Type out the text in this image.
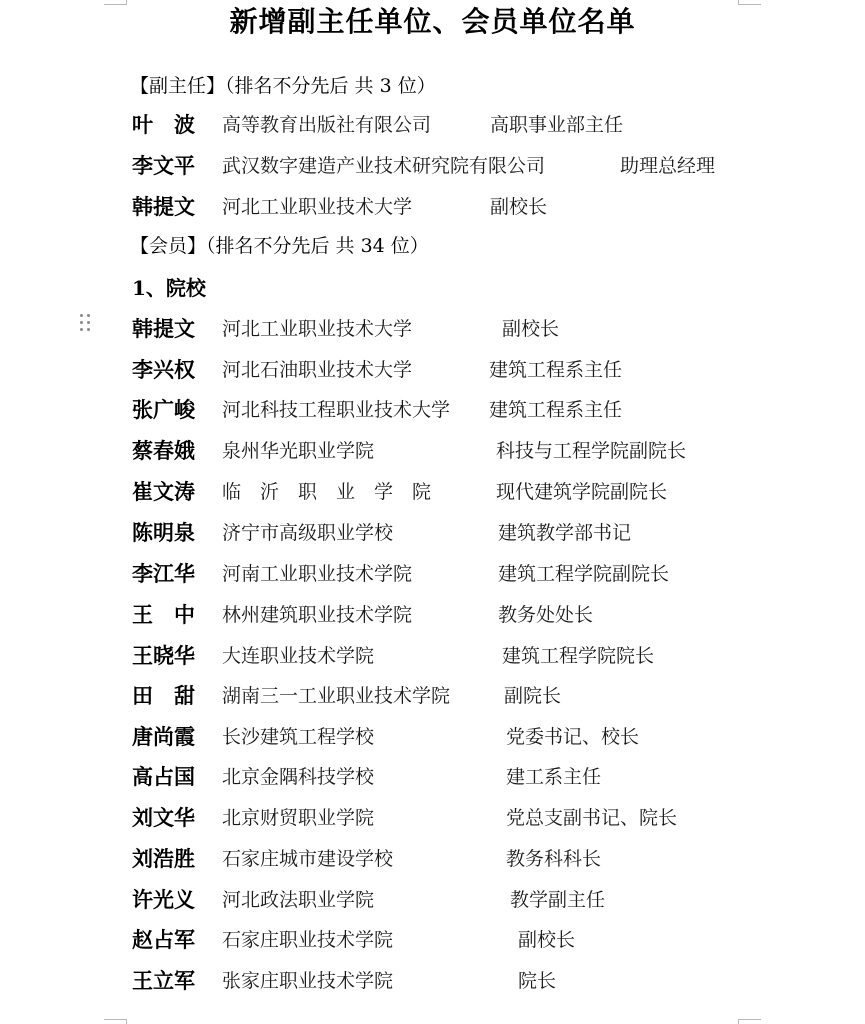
新增副主任单位、会员单位名单
【副主任】（排名不分先后 共 3 位）
叶　波	高等教育出版社有限公司	高职事业部主任
李文平	武汉数字建造产业技术研究院有限公司	助理总经理
韩提文	河北工业职业技术大学	副校长
【会员】（排名不分先后 共 34 位）
1、院校
韩提文	河北工业职业技术大学	副校长
李兴权	河北石油职业技术大学	建筑工程系主任
张广峻	河北科技工程职业技术大学 建筑工程系主任
蔡春娥	泉州华光职业学院	科技与工程学院副院长
崔文涛	临　沂　职　业　学　院	现代建筑学院副院长
陈明泉	济宁市高级职业学校	建筑教学部书记
李江华	河南工业职业技术学院	建筑工程学院副院长
王　中	林州建筑职业技术学院	教务处处长
王晓华	大连职业技术学院	建筑工程学院院长
田　甜	湖南三一工业职业技术学院	副院长
唐尚霞	长沙建筑工程学校	党委书记、校长
高占国	北京金隅科技学校	建工系主任
刘文华	北京财贸职业学院	党总支副书记、院长
刘浩胜	石家庄城市建设学校	教务科科长
许光义	河北政法职业学院	教学副主任
赵占军	石家庄职业技术学院	副校长
王立军	张家庄职业技术学院	院长
